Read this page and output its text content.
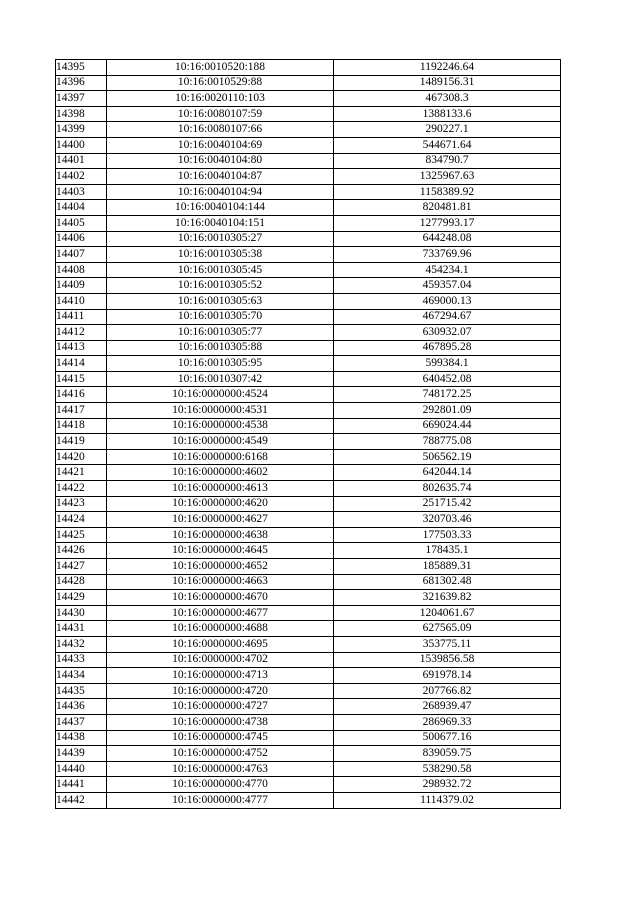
14395	10:16:0010520:188	1192246.64
14396	10:16:0010529:88	1489156.31
14397	10:16:0020110:103	467308.3
14398	10:16:0080107:59	1388133.6
14399	10:16:0080107:66	290227.1
14400	10:16:0040104:69	544671.64
14401	10:16:0040104:80	834790.7
14402	10:16:0040104:87	1325967.63
14403	10:16:0040104:94	1158389.92
14404	10:16:0040104:144	820481.81
14405	10:16:0040104:151	1277993.17
14406	10:16:0010305:27	644248.08
14407	10:16:0010305:38	733769.96
14408	10:16:0010305:45	454234.1
14409	10:16:0010305:52	459357.04
14410	10:16:0010305:63	469000.13
14411	10:16:0010305:70	467294.67
14412	10:16:0010305:77	630932.07
14413	10:16:0010305:88	467895.28
14414	10:16:0010305:95	599384.1
14415	10:16:0010307:42	640452.08
14416	10:16:0000000:4524	748172.25
14417	10:16:0000000:4531	292801.09
14418	10:16:0000000:4538	669024.44
14419	10:16:0000000:4549	788775.08
14420	10:16:0000000:6168	506562.19
14421	10:16:0000000:4602	642044.14
14422	10:16:0000000:4613	802635.74
14423	10:16:0000000:4620	251715.42
14424	10:16:0000000:4627	320703.46
14425	10:16:0000000:4638	177503.33
14426	10:16:0000000:4645	178435.1
14427	10:16:0000000:4652	185889.31
14428	10:16:0000000:4663	681302.48
14429	10:16:0000000:4670	321639.82
14430	10:16:0000000:4677	1204061.67
14431	10:16:0000000:4688	627565.09
14432	10:16:0000000:4695	353775.11
14433	10:16:0000000:4702	1539856.58
14434	10:16:0000000:4713	691978.14
14435	10:16:0000000:4720	207766.82
14436	10:16:0000000:4727	268939.47
14437	10:16:0000000:4738	286969.33
14438	10:16:0000000:4745	500677.16
14439	10:16:0000000:4752	839059.75
14440	10:16:0000000:4763	538290.58
14441	10:16:0000000:4770	298932.72
14442	10:16:0000000:4777	1114379.02
